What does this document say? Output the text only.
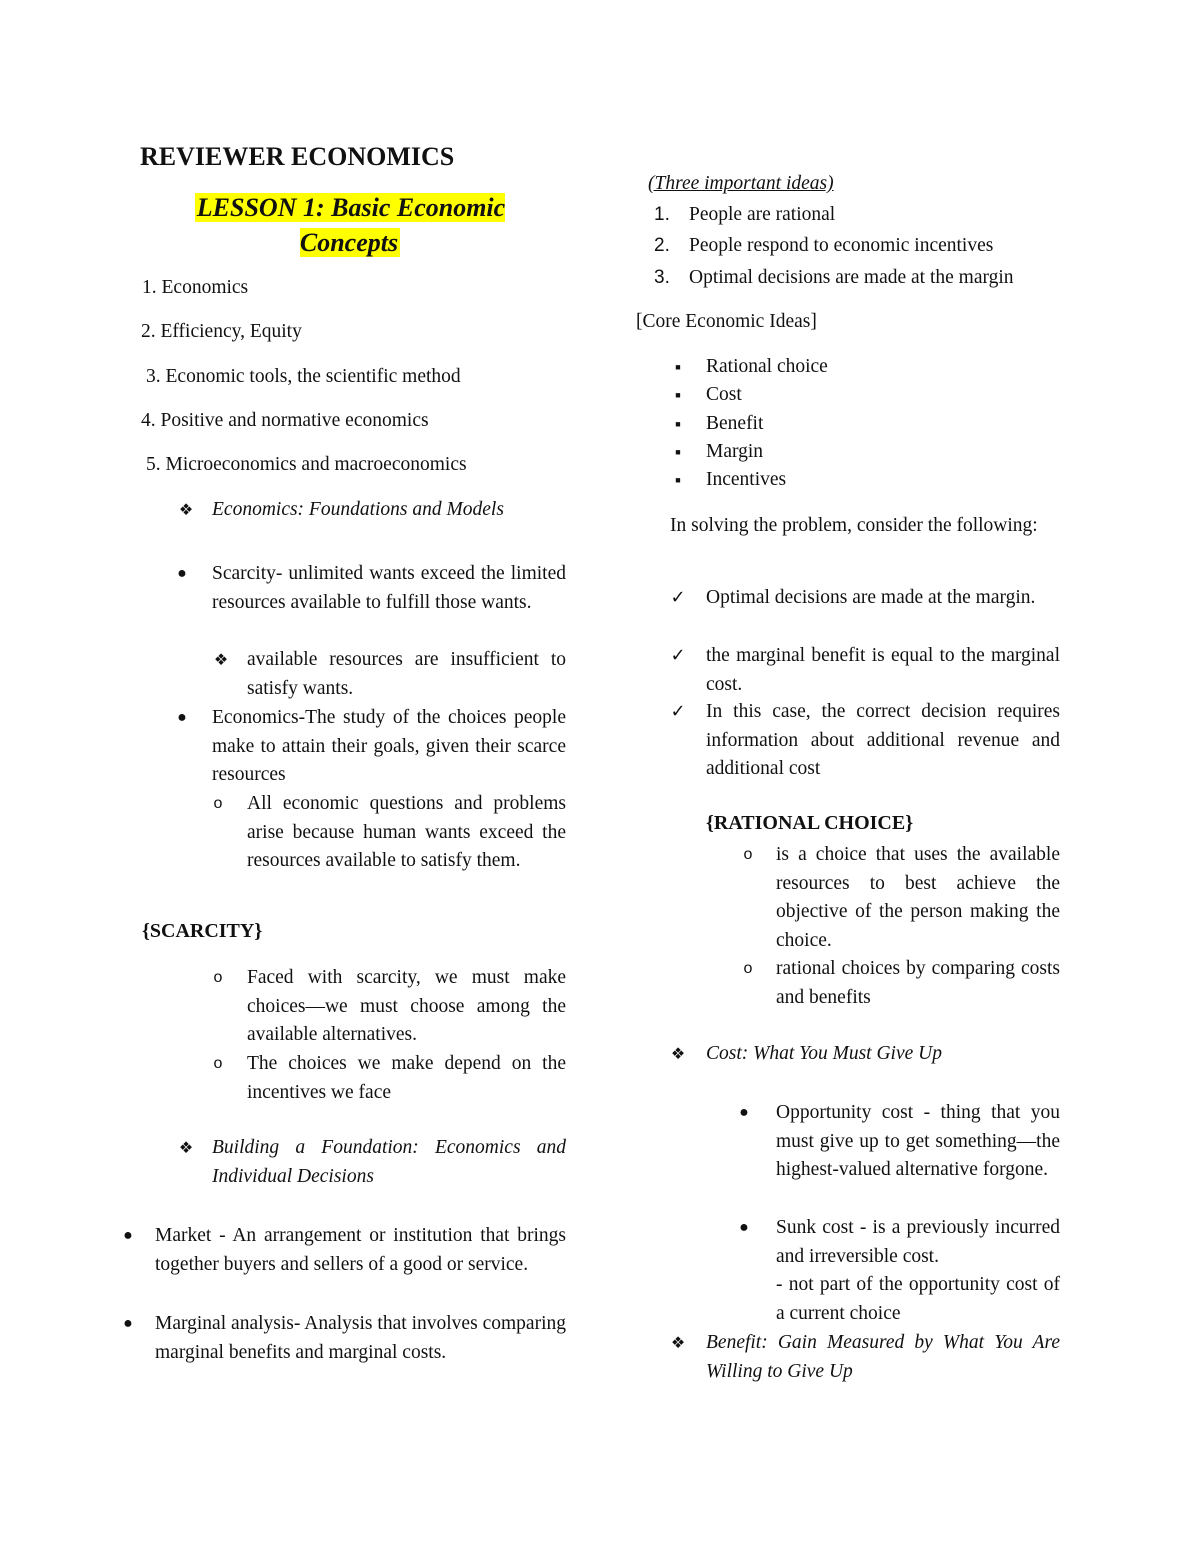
REVIEWER ECONOMICS
LESSON 1: Basic Economic Concepts
1. Economics
2. Efficiency, Equity
3. Economic tools, the scientific method
4. Positive and normative economics
5. Microeconomics and macroeconomics
❖ Economics: Foundations and Models
●	Scarcity- unlimited wants exceed the limited resources available to fulfill those wants.
❖ available resources are insufficient to satisfy wants.
●	Economics-The study of the choices people make to attain their goals, given their scarce resources
o	All economic questions and problems arise because human wants exceed the resources available to satisfy them.
{SCARCITY}
o	Faced with scarcity, we must make choices—we must choose among the available alternatives.
o	The choices we make depend on the incentives we face
❖ Building a Foundation: Economics and Individual Decisions
●	Market - An arrangement or institution that brings together buyers and sellers of a good or service.
●	Marginal analysis- Analysis that involves comparing marginal benefits and marginal costs.
(Three important ideas)
1. People are rational
2. People respond to economic incentives
3. Optimal decisions are made at the margin
[Core Economic Ideas]
■	Rational choice
■	Cost
■	Benefit
■	Margin
■	Incentives
In solving the problem, consider the following:
✓ Optimal decisions are made at the margin.
✓ the marginal benefit is equal to the marginal cost.
✓ In this case, the correct decision requires information about additional revenue and additional cost
{RATIONAL CHOICE}
o	is a choice that uses the available resources to best achieve the objective of the person making the choice.
o	rational choices by comparing costs and benefits
❖ Cost: What You Must Give Up
●	Opportunity cost - thing that you must give up to get something—the highest-valued alternative forgone.
●	Sunk cost - is a previously incurred and irreversible cost.
- not part of the opportunity cost of a current choice
❖ Benefit: Gain Measured by What You Are Willing to Give Up
